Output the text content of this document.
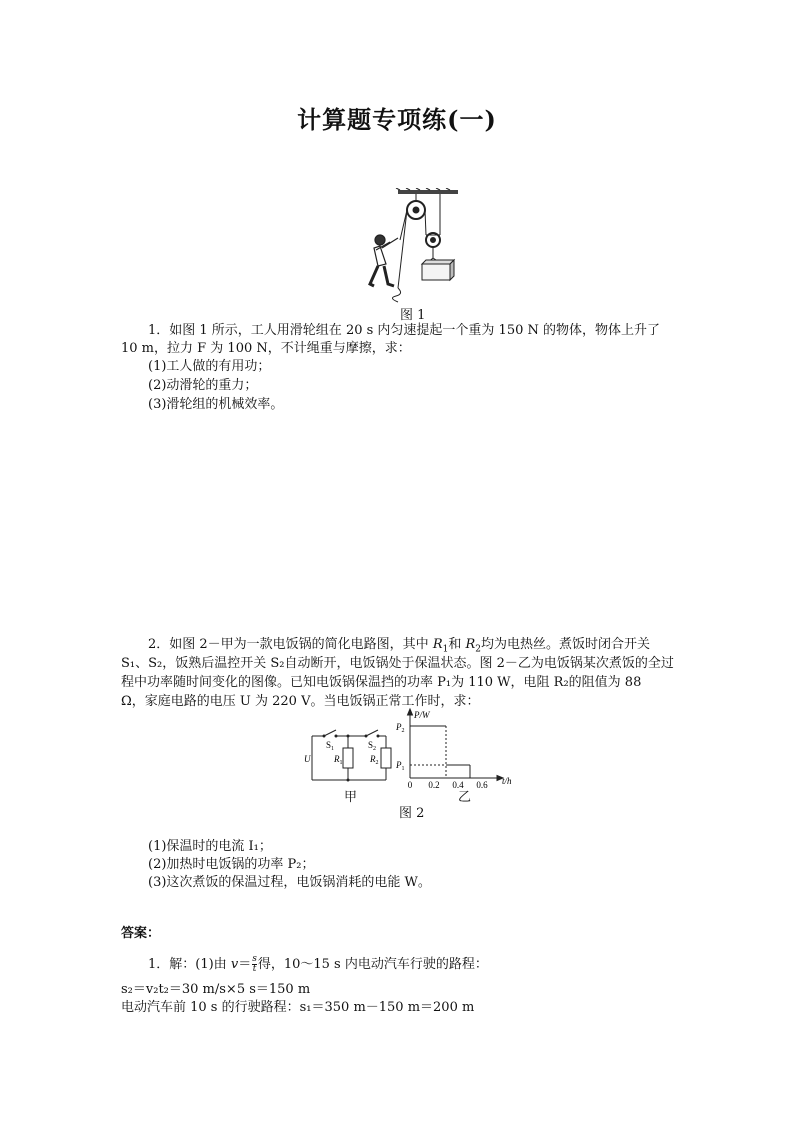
计算题专项练(一)
图 1
1．如图 1 所示，工人用滑轮组在 20 s 内匀速提起一个重为 150 N 的物体，物体上升了
10 m，拉力 F 为 100 N，不计绳重与摩擦，求：
(1)工人做的有用功；
(2)动滑轮的重力；
(3)滑轮组的机械效率。
2．如图 2－甲为一款电饭锅的简化电路图，其中 $R_1$和 $R_2$均为电热丝。煮饭时闭合开关
S₁、S₂，饭熟后温控开关 S₂自动断开，电饭锅处于保温状态。图 2－乙为电饭锅某次煮饭的全过
程中功率随时间变化的图像。已知电饭锅保温挡的功率 P₁为 110 W，电阻 R₂的阻值为 88
Ω，家庭电路的电压 U 为 220 V。当电饭锅正常工作时，求：
U
$S_1$	$S_2$
$R_1$	$R_2$
甲
P/W
t/h
$P_2$
$P_1$
0 0.2 0.4 0.6
乙
图 2
(1)保温时的电流 I₁；
(2)加热时电饭锅的功率 P₂；
(3)这次煮饭的保温过程，电饭锅消耗的电能 W。
答案：
1．解：(1)由 $v= \frac{s}{t}$ 得，10～15 s 内电动汽车行驶的路程：
s₂＝v₂t₂＝30 m/s×5 s＝150 m
电动汽车前 10 s 的行驶路程：s₁＝350 m－150 m＝200 m
